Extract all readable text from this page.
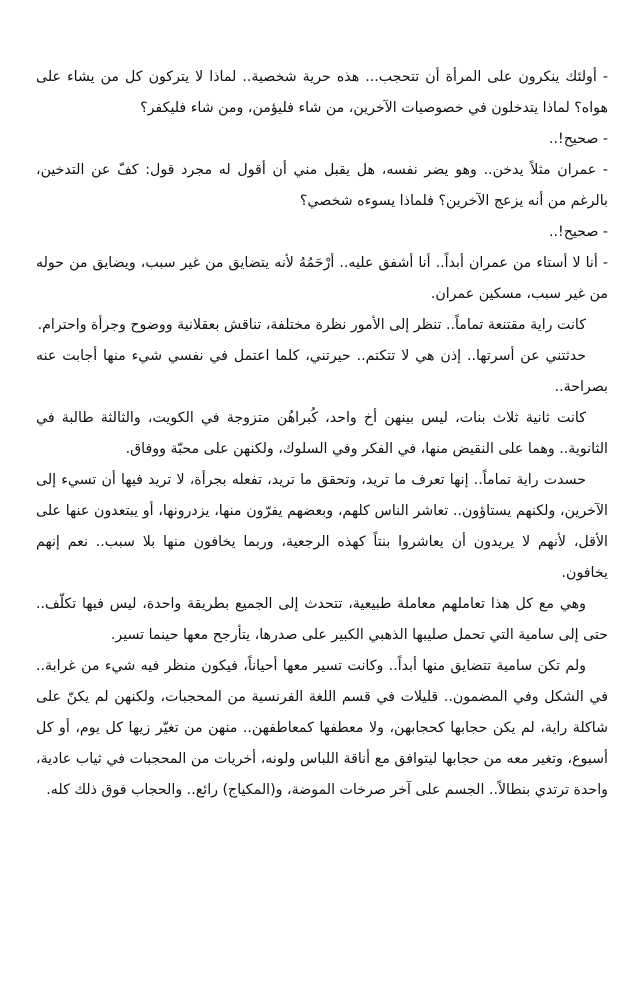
- أولئك ينكرون على المرأة أن تتحجب... هذه حرية شخصية.. لماذا لا يتركون كل من يشاء على هواه؟ لماذا يتدخلون في خصوصيات الآخرين، من شاء فليؤمن، ومن شاء فليكفر؟

- صحيح!..

- عمران مثلاً يدخن.. وهو يضر نفسه، هل يقبل مني أن أقول له مجرد قول: كفّ عن التدخين، بالرغم من أنه يزعج الآخرين؟ فلماذا يسوءه شخصي؟

- صحيح!..

- أنا لا أستاء من عمران أبداً.. أنا أشفق عليه.. أرْحَمُهُ لأنه يتضايق من غير سبب، ويضايق من حوله من غير سبب، مسكين عمران.

كانت راية مقتنعة تماماً.. تنظر إلى الأمور نظرة مختلفة، تناقش بعقلانية ووضوح وجرأة واحترام.

حدثتني عن أسرتها.. إذن هي لا تتكتم.. حيرتني، كلما اعتمل في نفسي شيء منها أجابت عنه بصراحة..

كانت ثانية ثلاث بنات، ليس بينهن أخ واحد، كُبراهُن متزوجة في الكويت، والثالثة طالبة في الثانوية.. وهما على النقيض منها، في الفكر وفي السلوك، ولكنهن على محبّة ووفاق.

حسدت راية تماماً.. إنها تعرف ما تريد، وتحقق ما تريد، تفعله بجرأة، لا تريد فيها أن تسيء إلى الآخرين، ولكنهم يستاؤون.. تعاشر الناس كلهم، وبعضهم يفرّون منها، يزدرونها، أو يبتعدون عنها على الأقل، لأنهم لا يريدون أن يعاشروا بنتاً كهذه الرجعية، وربما يخافون منها بلا سبب.. نعم إنهم يخافون.

وهي مع كل هذا تعاملهم معاملة طبيعية، تتحدث إلى الجميع بطريقة واحدة، ليس فيها تكلّف.. حتى إلى سامية التي تحمل صليبها الذهبي الكبير على صدرها، يتأرجح معها حينما تسير.

ولم تكن سامية تتضايق منها أبداً.. وكانت تسير معها أحياناً، فيكون منظر فيه شيء من غرابة.. في الشكل وفي المضمون.. قليلات في قسم اللغة الفرنسية من المحجبات، ولكنهن لم يكنّ على شاكلة راية، لم يكن حجابها كحجابهن، ولا معطفها كمعاطفهن.. منهن من تغيّر زيها كل يوم، أو كل أسبوع، وتغير معه من حجابها ليتوافق مع أناقة اللباس ولونه، أخريات من المحجبات في ثياب عادية، واحدة ترتدي بنطالاً.. الجسم على آخر صرخات الموضة، و(المكياج) رائع.. والحجاب فوق ذلك كله.
